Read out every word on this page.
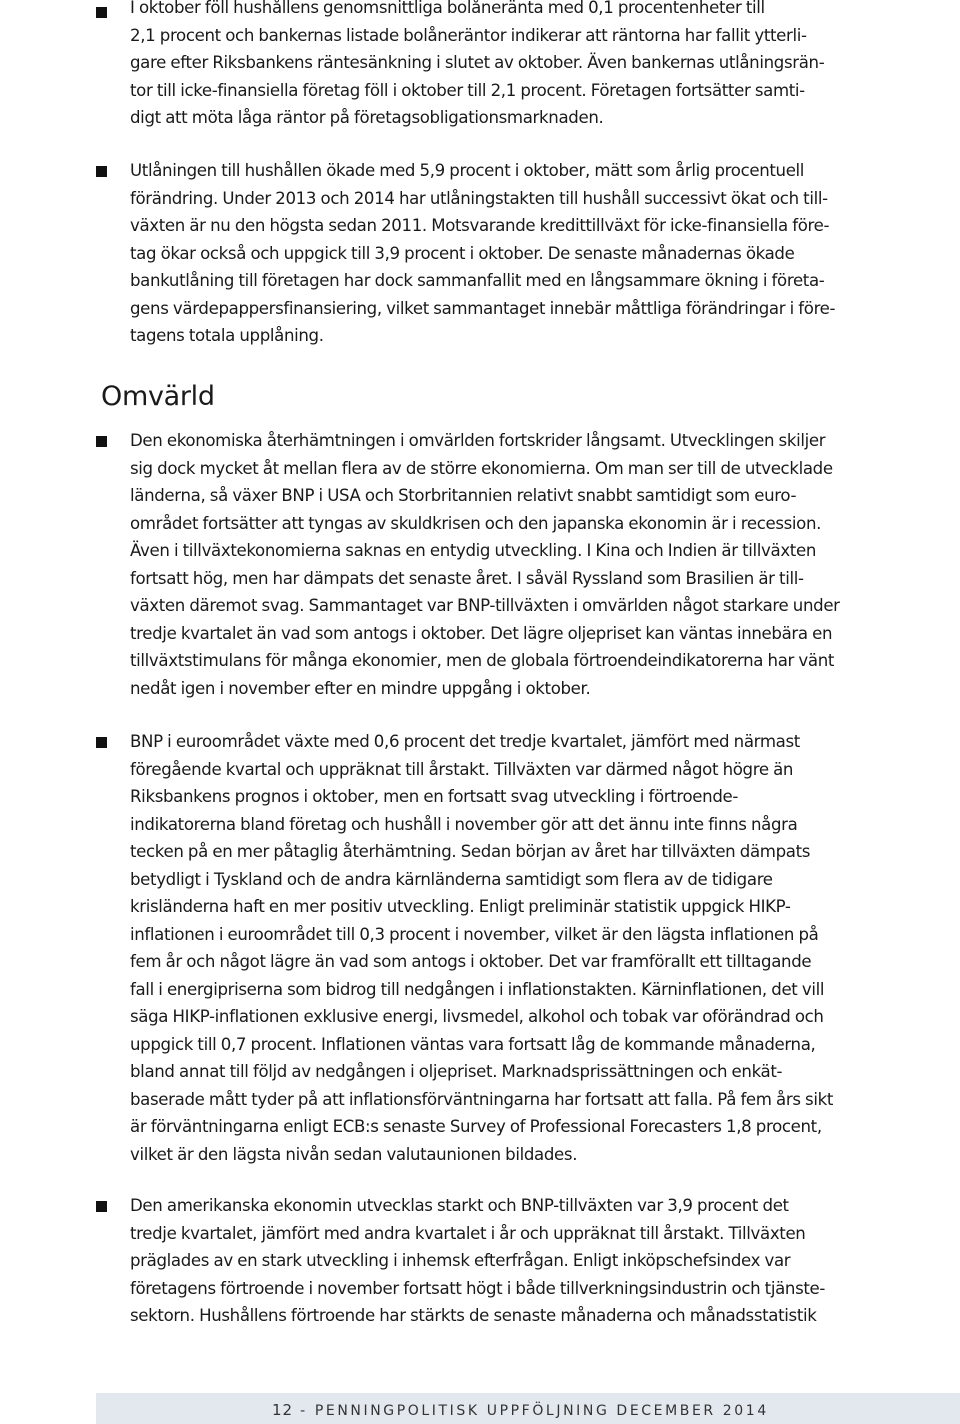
I oktober föll hushållens genomsnittliga bolåneränta med 0,1 procentenheter till
2,1 procent och bankernas listade bolåneräntor indikerar att räntorna har fallit ytterli-
gare efter Riksbankens räntesänkning i slutet av oktober. Även bankernas utlåningsrän-
tor till icke-finansiella företag föll i oktober till 2,1 procent. Företagen fortsätter samti-
digt att möta låga räntor på företagsobligationsmarknaden.
Utlåningen till hushållen ökade med 5,9 procent i oktober, mätt som årlig procentuell
förändring. Under 2013 och 2014 har utlåningstakten till hushåll successivt ökat och till-
växten är nu den högsta sedan 2011. Motsvarande kredittillväxt för icke-finansiella före-
tag ökar också och uppgick till 3,9 procent i oktober. De senaste månadernas ökade
bankutlåning till företagen har dock sammanfallit med en långsammare ökning i företa-
gens värdepappersfinansiering, vilket sammantaget innebär måttliga förändringar i före-
tagens totala upplåning.
Omvärld
Den ekonomiska återhämtningen i omvärlden fortskrider långsamt. Utvecklingen skiljer
sig dock mycket åt mellan flera av de större ekonomierna. Om man ser till de utvecklade
länderna, så växer BNP i USA och Storbritannien relativt snabbt samtidigt som euro-
området fortsätter att tyngas av skuldkrisen och den japanska ekonomin är i recession.
Även i tillväxtekonomierna saknas en entydig utveckling. I Kina och Indien är tillväxten
fortsatt hög, men har dämpats det senaste året. I såväl Ryssland som Brasilien är till-
växten däremot svag. Sammantaget var BNP-tillväxten i omvärlden något starkare under
tredje kvartalet än vad som antogs i oktober. Det lägre oljepriset kan väntas innebära en
tillväxtstimulans för många ekonomier, men de globala förtroendeindikatorerna har vänt
nedåt igen i november efter en mindre uppgång i oktober.
BNP i euroområdet växte med 0,6 procent det tredje kvartalet, jämfört med närmast
föregående kvartal och uppräknat till årstakt. Tillväxten var därmed något högre än
Riksbankens prognos i oktober, men en fortsatt svag utveckling i förtroende-
indikatorerna bland företag och hushåll i november gör att det ännu inte finns några
tecken på en mer påtaglig återhämtning. Sedan början av året har tillväxten dämpats
betydligt i Tyskland och de andra kärnländerna samtidigt som flera av de tidigare
krisländerna haft en mer positiv utveckling. Enligt preliminär statistik uppgick HIKP-
inflationen i euroområdet till 0,3 procent i november, vilket är den lägsta inflationen på
fem år och något lägre än vad som antogs i oktober. Det var framförallt ett tilltagande
fall i energipriserna som bidrog till nedgången i inflationstakten. Kärninflationen, det vill
säga HIKP-inflationen exklusive energi, livsmedel, alkohol och tobak var oförändrad och
uppgick till 0,7 procent. Inflationen väntas vara fortsatt låg de kommande månaderna,
bland annat till följd av nedgången i oljepriset. Marknadsprissättningen och enkät-
baserade mått tyder på att inflationsförväntningarna har fortsatt att falla. På fem års sikt
är förväntningarna enligt ECB:s senaste Survey of Professional Forecasters 1,8 procent,
vilket är den lägsta nivån sedan valutaunionen bildades.
Den amerikanska ekonomin utvecklas starkt och BNP-tillväxten var 3,9 procent det
tredje kvartalet, jämfört med andra kvartalet i år och uppräknat till årstakt. Tillväxten
präglades av en stark utveckling i inhemsk efterfrågan. Enligt inköpschefsindex var
företagens förtroende i november fortsatt högt i både tillverkningsindustrin och tjänste-
sektorn. Hushållens förtroende har stärkts de senaste månaderna och månadsstatistik
12 - PENNINGPOLITISK UPPFÖLJNING DECEMBER 2014
